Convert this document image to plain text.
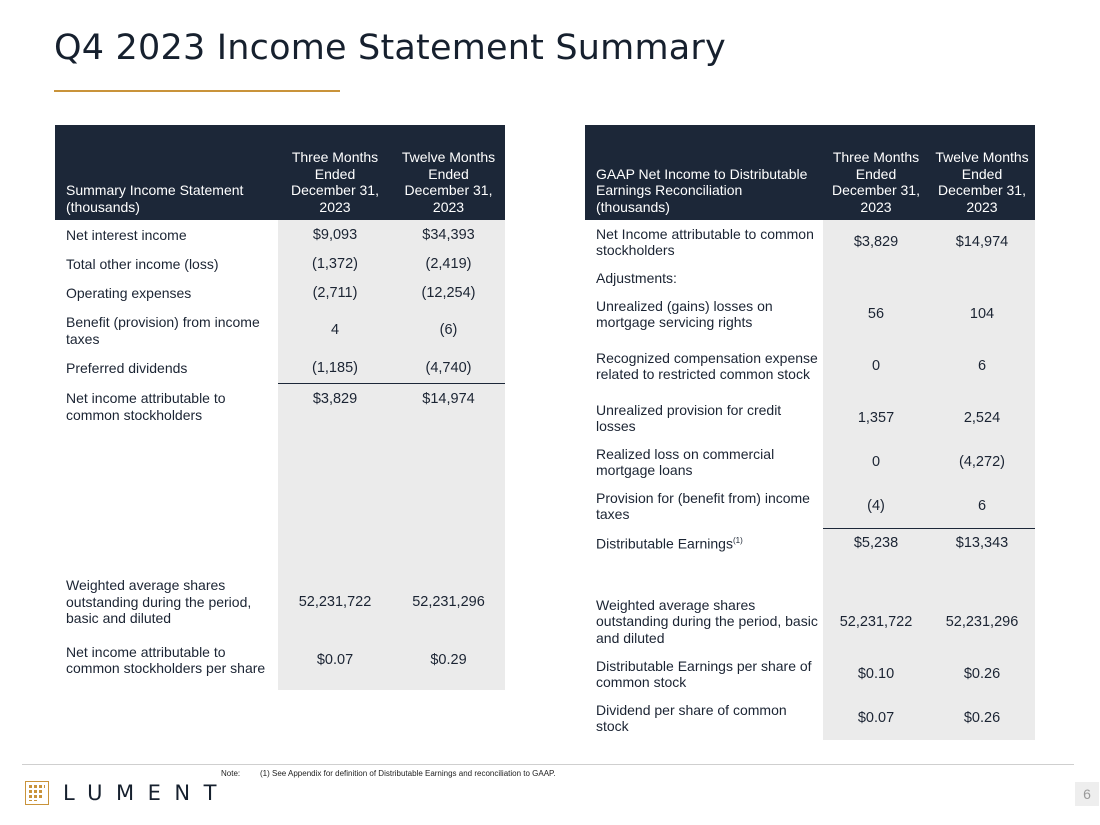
Q4 2023 Income Statement Summary
Summary Income Statement (thousands)	Three Months Ended December 31, 2023	Twelve Months Ended December 31, 2023
Net interest income	$9,093	$34,393
Total other income (loss)	(1,372)	(2,419)
Operating expenses	(2,711)	(12,254)
Benefit (provision) from income taxes	4	(6)
Preferred dividends	(1,185)	(4,740)
Net income attributable to common stockholders	$3,829	$14,974
Weighted average shares outstanding during the period, basic and diluted	52,231,722	52,231,296
Net income attributable to common stockholders per share	$0.07	$0.29
GAAP Net Income to Distributable Earnings Reconciliation (thousands)	Three Months Ended December 31, 2023	Twelve Months Ended December 31, 2023
Net Income attributable to common stockholders	$3,829	$14,974
Adjustments:		
Unrealized (gains) losses on mortgage servicing rights	56	104
Recognized compensation expense related to restricted common stock	0	6
Unrealized provision for credit losses	1,357	2,524
Realized loss on commercial mortgage loans	0	(4,272)
Provision for (benefit from) income taxes	(4)	6
Distributable Earnings$^{(1)}$	$5,238	$13,343
Weighted average shares outstanding during the period, basic and diluted	52,231,722	52,231,296
Distributable Earnings per share of common stock	$0.10	$0.26
Dividend per share of common stock	$0.07	$0.26
LUMENT
Note: (1) See Appendix for definition of Distributable Earnings and reconciliation to GAAP.
6
